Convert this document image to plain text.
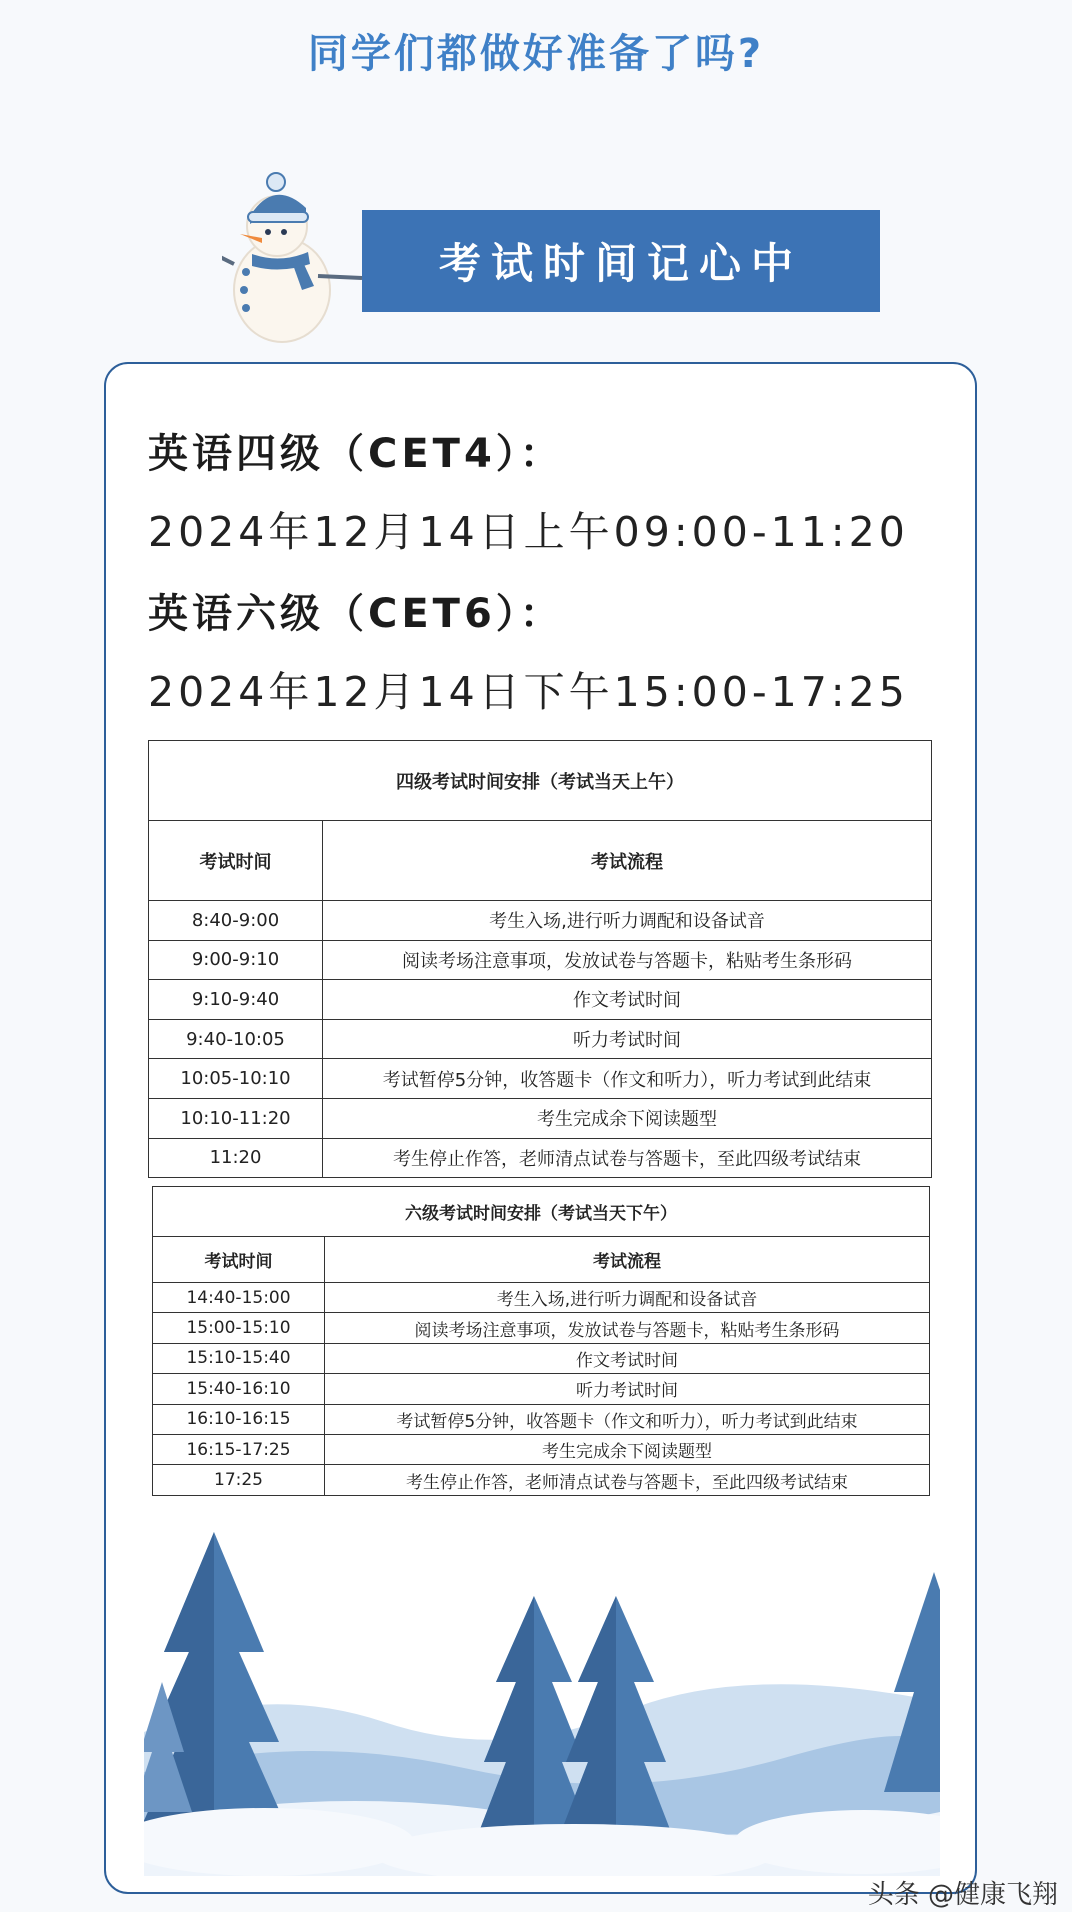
同学们都做好准备了吗?
考试时间记心中
英语四级（CET4）：
2024年12月14日上午09:00-11:20
英语六级（CET6）：
2024年12月14日下午15:00-17:25
四级考试时间安排（考试当天上午）	
考试时间	考试流程
8:40-9:00	考生入场,进行听力调配和设备试音
9:00-9:10	阅读考场注意事项，发放试卷与答题卡，粘贴考生条形码
9:10-9:40	作文考试时间
9:40-10:05	听力考试时间
10:05-10:10	考试暂停5分钟，收答题卡（作文和听力），听力考试到此结束
10:10-11:20	考生完成余下阅读题型
11:20	考生停止作答，老师清点试卷与答题卡，至此四级考试结束
六级考试时间安排（考试当天下午）	
考试时间	考试流程
14:40-15:00	考生入场,进行听力调配和设备试音
15:00-15:10	阅读考场注意事项，发放试卷与答题卡，粘贴考生条形码
15:10-15:40	作文考试时间
15:40-16:10	听力考试时间
16:10-16:15	考试暂停5分钟，收答题卡（作文和听力），听力考试到此结束
16:15-17:25	考生完成余下阅读题型
17:25	考生停止作答，老师清点试卷与答题卡，至此四级考试结束
头条 @健康飞翔
